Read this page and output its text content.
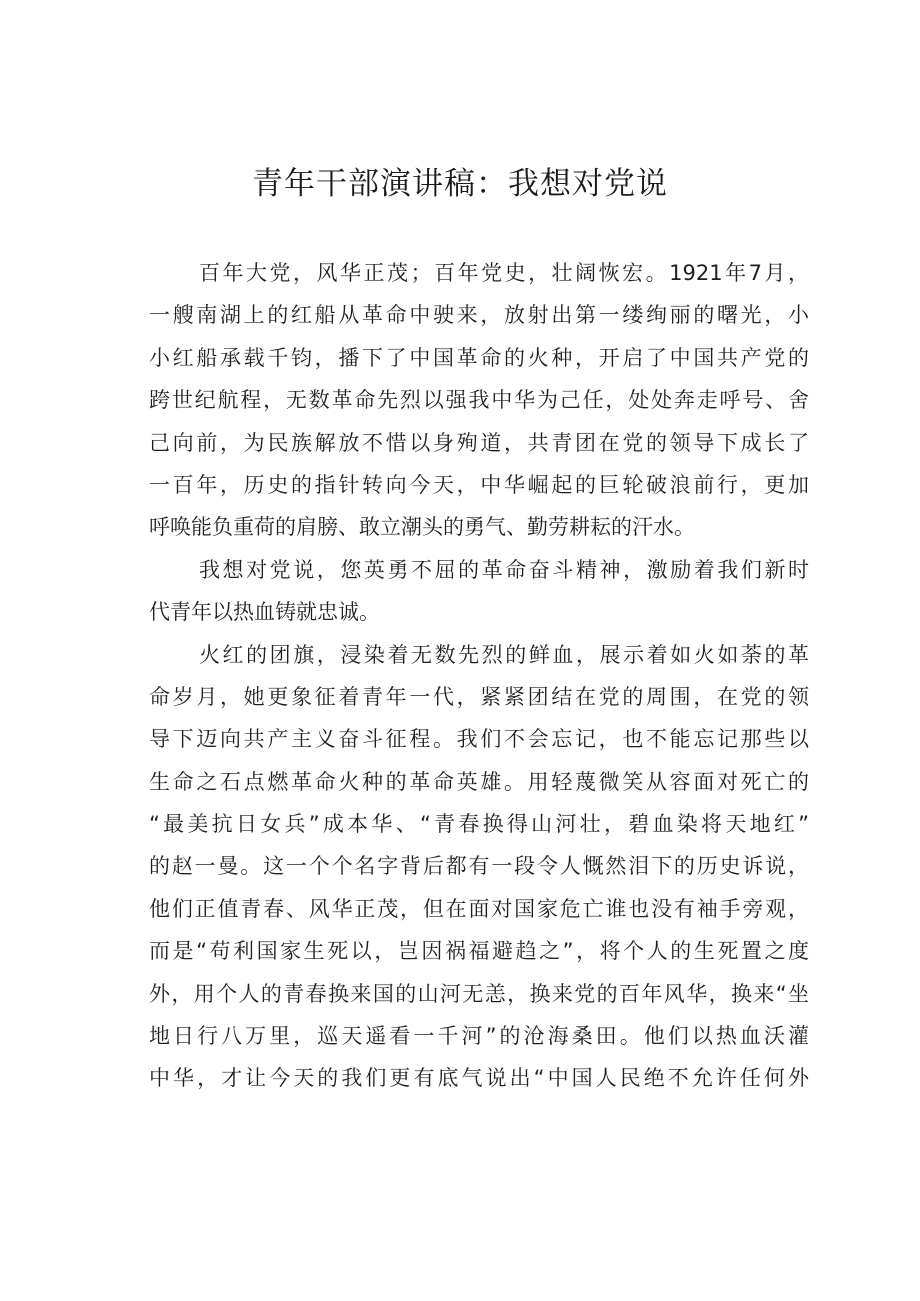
青年干部演讲稿：我想对党说

百年大党，风华正茂；百年党史，壮阔恢宏。1921年7月，
一艘南湖上的红船从革命中驶来，放射出第一缕绚丽的曙光，小
小红船承载千钧，播下了中国革命的火种，开启了中国共产党的
跨世纪航程，无数革命先烈以强我中华为己任，处处奔走呼号、舍
己向前，为民族解放不惜以身殉道，共青团在党的领导下成长了
一百年，历史的指针转向今天，中华崛起的巨轮破浪前行，更加
呼唤能负重荷的肩膀、敢立潮头的勇气、勤劳耕耘的汗水。

我想对党说，您英勇不屈的革命奋斗精神，激励着我们新时
代青年以热血铸就忠诚。

火红的团旗，浸染着无数先烈的鲜血，展示着如火如荼的革
命岁月，她更象征着青年一代，紧紧团结在党的周围，在党的领
导下迈向共产主义奋斗征程。我们不会忘记，也不能忘记那些以
生命之石点燃革命火种的革命英雄。用轻蔑微笑从容面对死亡的
“最美抗日女兵”成本华、“青春换得山河壮，碧血染将天地红”
的赵一曼。这一个个名字背后都有一段令人慨然泪下的历史诉说，
他们正值青春、风华正茂，但在面对国家危亡谁也没有袖手旁观，
而是“苟利国家生死以，岂因祸福避趋之”，将个人的生死置之度
外，用个人的青春换来国的山河无恙，换来党的百年风华，换来“坐
地日行八万里，巡天遥看一千河”的沧海桑田。他们以热血沃灌
中华，才让今天的我们更有底气说出“中国人民绝不允许任何外
